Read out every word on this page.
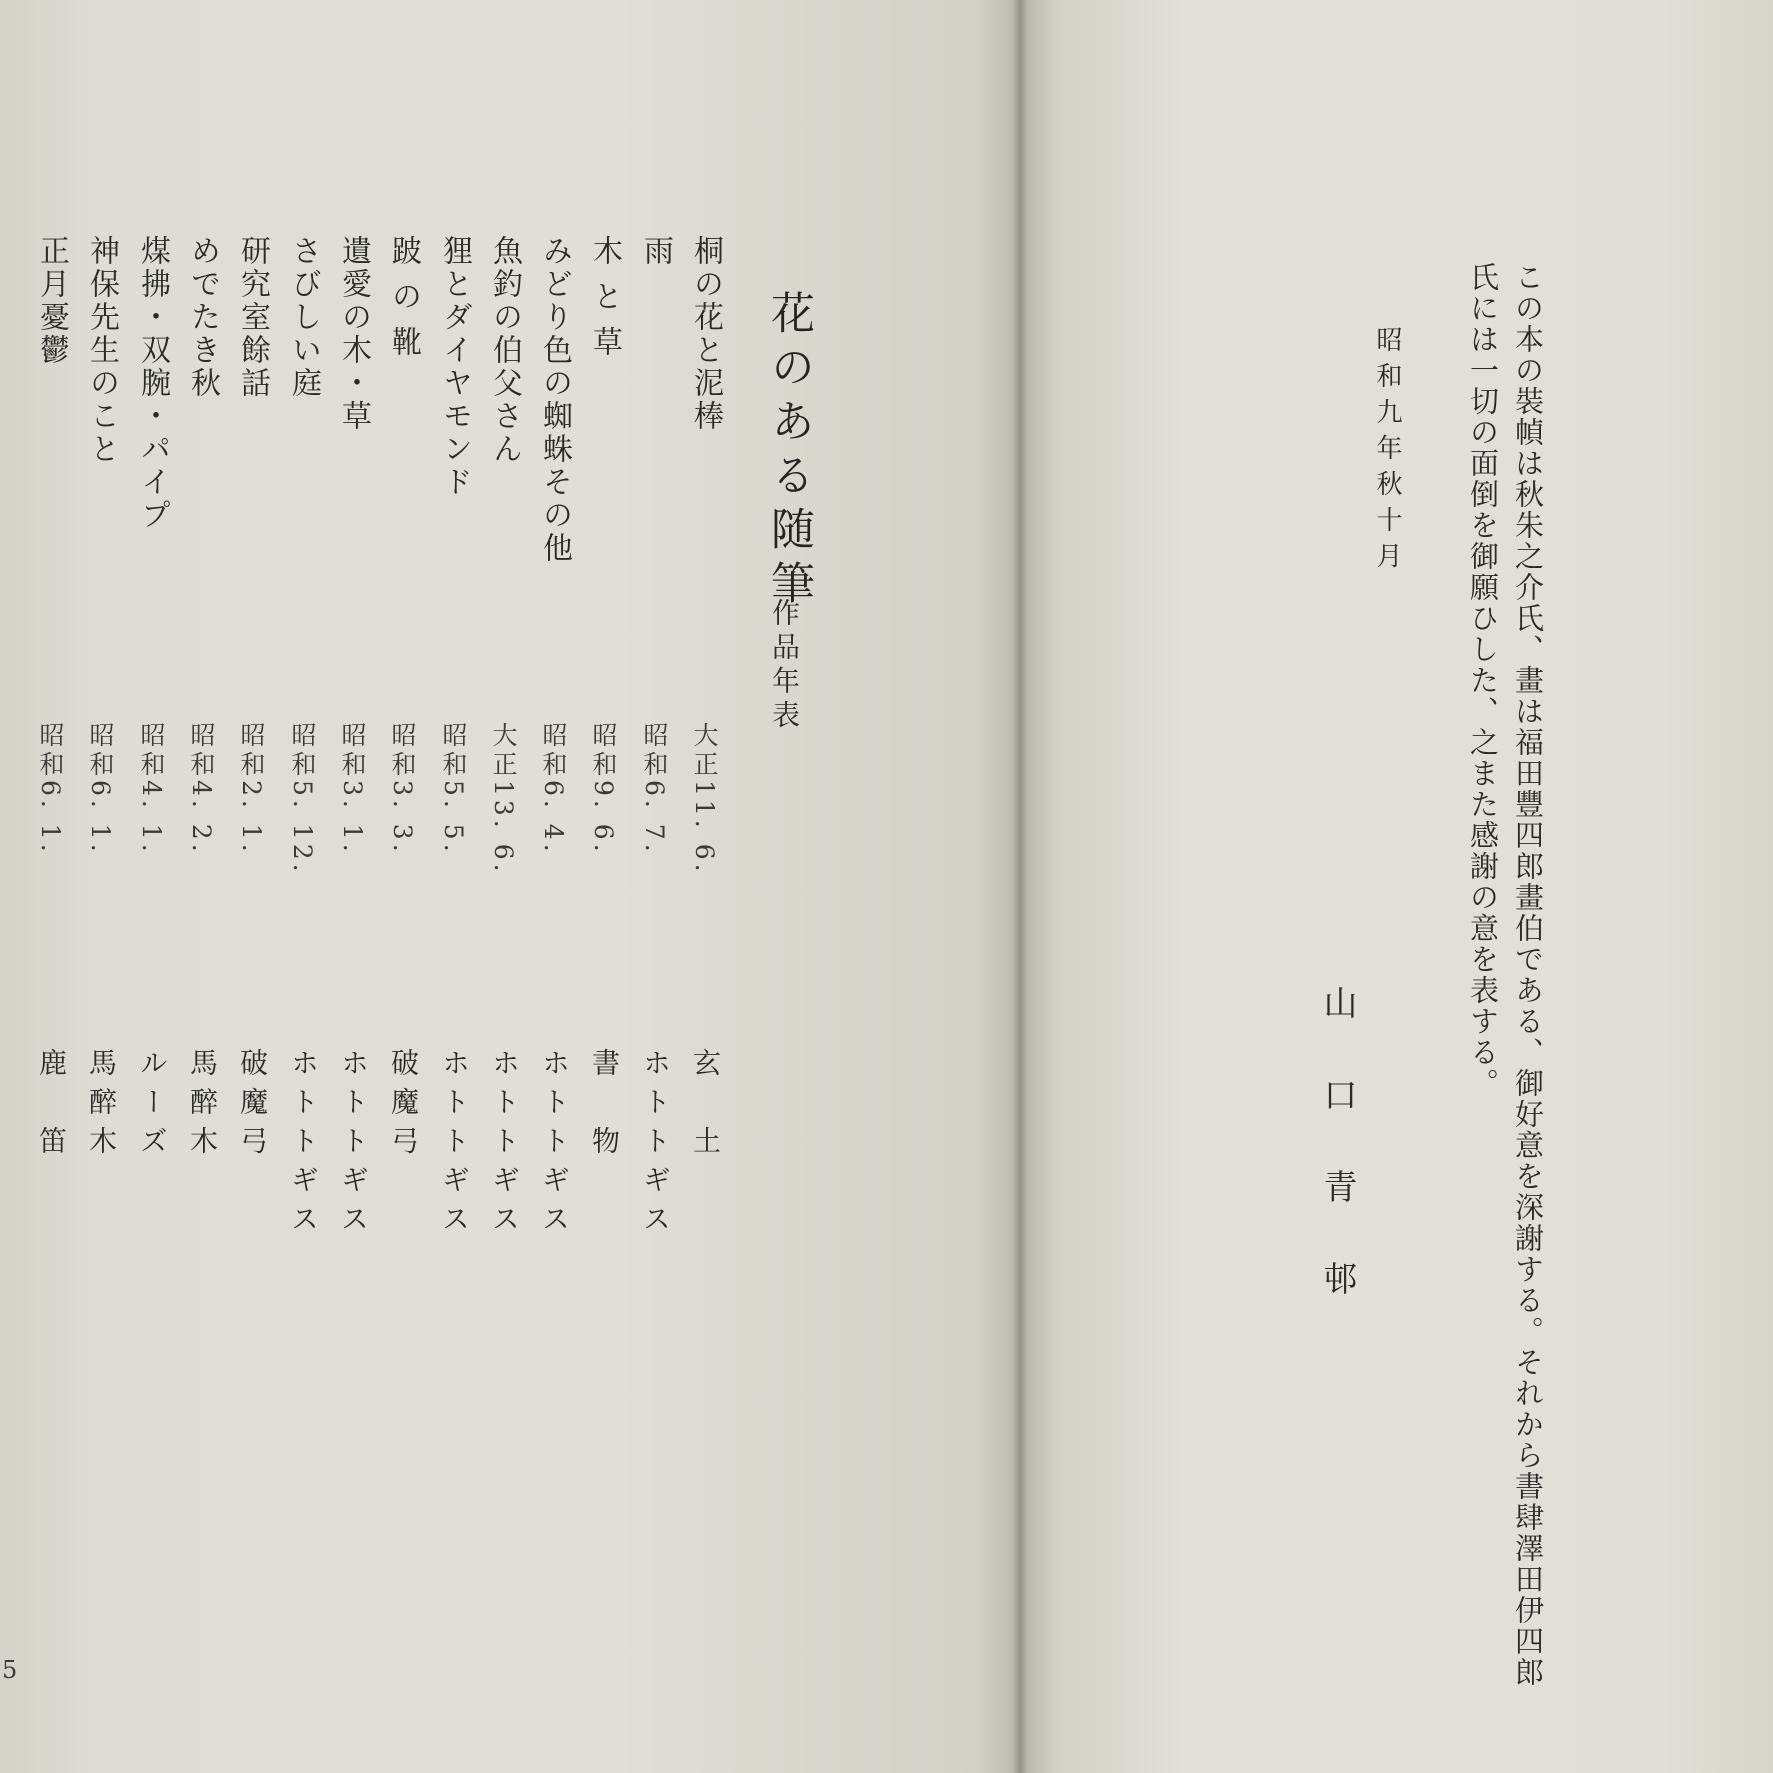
花のある随筆
作品年表
桐の花と泥棒
大正11. 6.
玄　土
雨
昭和6. 7.
ホトトギス
木 と 草
昭和9. 6.
書　物
みどり色の蜘蛛その他
昭和6. 4.
ホトトギス
魚釣の伯父さん
大正13. 6.
ホトトギス
狸とダイヤモンド
昭和5. 5.
ホトトギス
跛 の 靴
昭和3. 3.
破魔弓
遺愛の木・草
昭和3. 1.
ホトトギス
さびしい庭
昭和5. 12.
ホトトギス
研究室餘話
昭和2. 1.
破魔弓
めでたき秋
昭和4. 2.
馬醉木
煤拂・双腕・パイプ
昭和4. 1.
ルーズ
神保先生のこと
昭和6. 1.
馬醉木
正月憂鬱
昭和6. 1.
鹿　笛
5	この本の裝幀は秋朱之介氏、畫は福田豐四郎畫伯である、御好意を深謝する。それから書肆澤田伊四郎
氏には一切の面倒を御願ひした、之また感謝の意を表する。
昭和九年秋十月
山口青邨
